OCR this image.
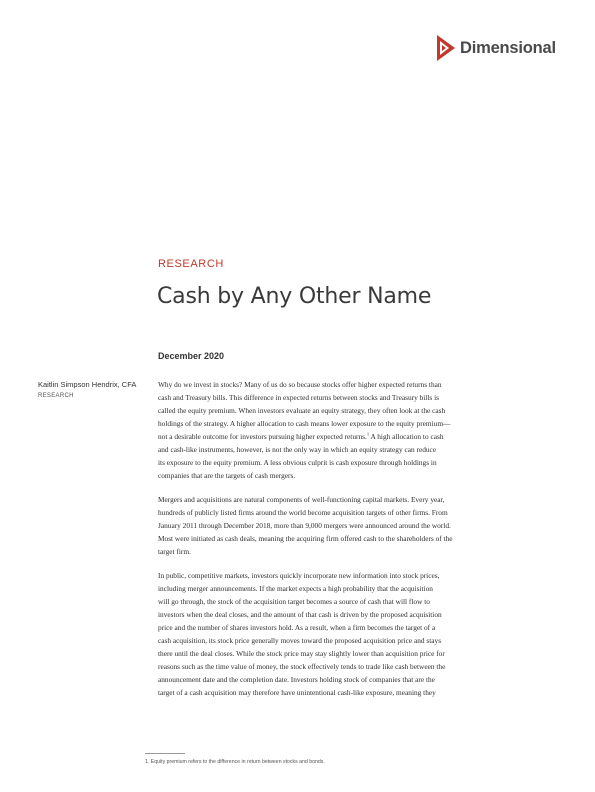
Dimensional
RESEARCH
Cash by Any Other Name
December 2020
Kaitlin Simpson Hendrix, CFA
RESEARCH

Why do we invest in stocks? Many of us do so because stocks offer higher expected returns than
cash and Treasury bills. This difference in expected returns between stocks and Treasury bills is
called the equity premium. When investors evaluate an equity strategy, they often look at the cash
holdings of the strategy. A higher allocation to cash means lower exposure to the equity premium—
not a desirable outcome for investors pursuing higher expected returns.$^1$ A high allocation to cash
and cash-like instruments, however, is not the only way in which an equity strategy can reduce
its exposure to the equity premium. A less obvious culprit is cash exposure through holdings in
companies that are the targets of cash mergers.

Mergers and acquisitions are natural components of well-functioning capital markets. Every year,
hundreds of publicly listed firms around the world become acquisition targets of other firms. From
January 2011 through December 2018, more than 9,000 mergers were announced around the world.
Most were initiated as cash deals, meaning the acquiring firm offered cash to the shareholders of the
target firm.

In public, competitive markets, investors quickly incorporate new information into stock prices,
including merger announcements. If the market expects a high probability that the acquisition
will go through, the stock of the acquisition target becomes a source of cash that will flow to
investors when the deal closes, and the amount of that cash is driven by the proposed acquisition
price and the number of shares investors hold. As a result, when a firm becomes the target of a
cash acquisition, its stock price generally moves toward the proposed acquisition price and stays
there until the deal closes. While the stock price may stay slightly lower than acquisition price for
reasons such as the time value of money, the stock effectively tends to trade like cash between the
announcement date and the completion date. Investors holding stock of companies that are the
target of a cash acquisition may therefore have unintentional cash-like exposure, meaning they

1. Equity premium refers to the difference in return between stocks and bonds.
